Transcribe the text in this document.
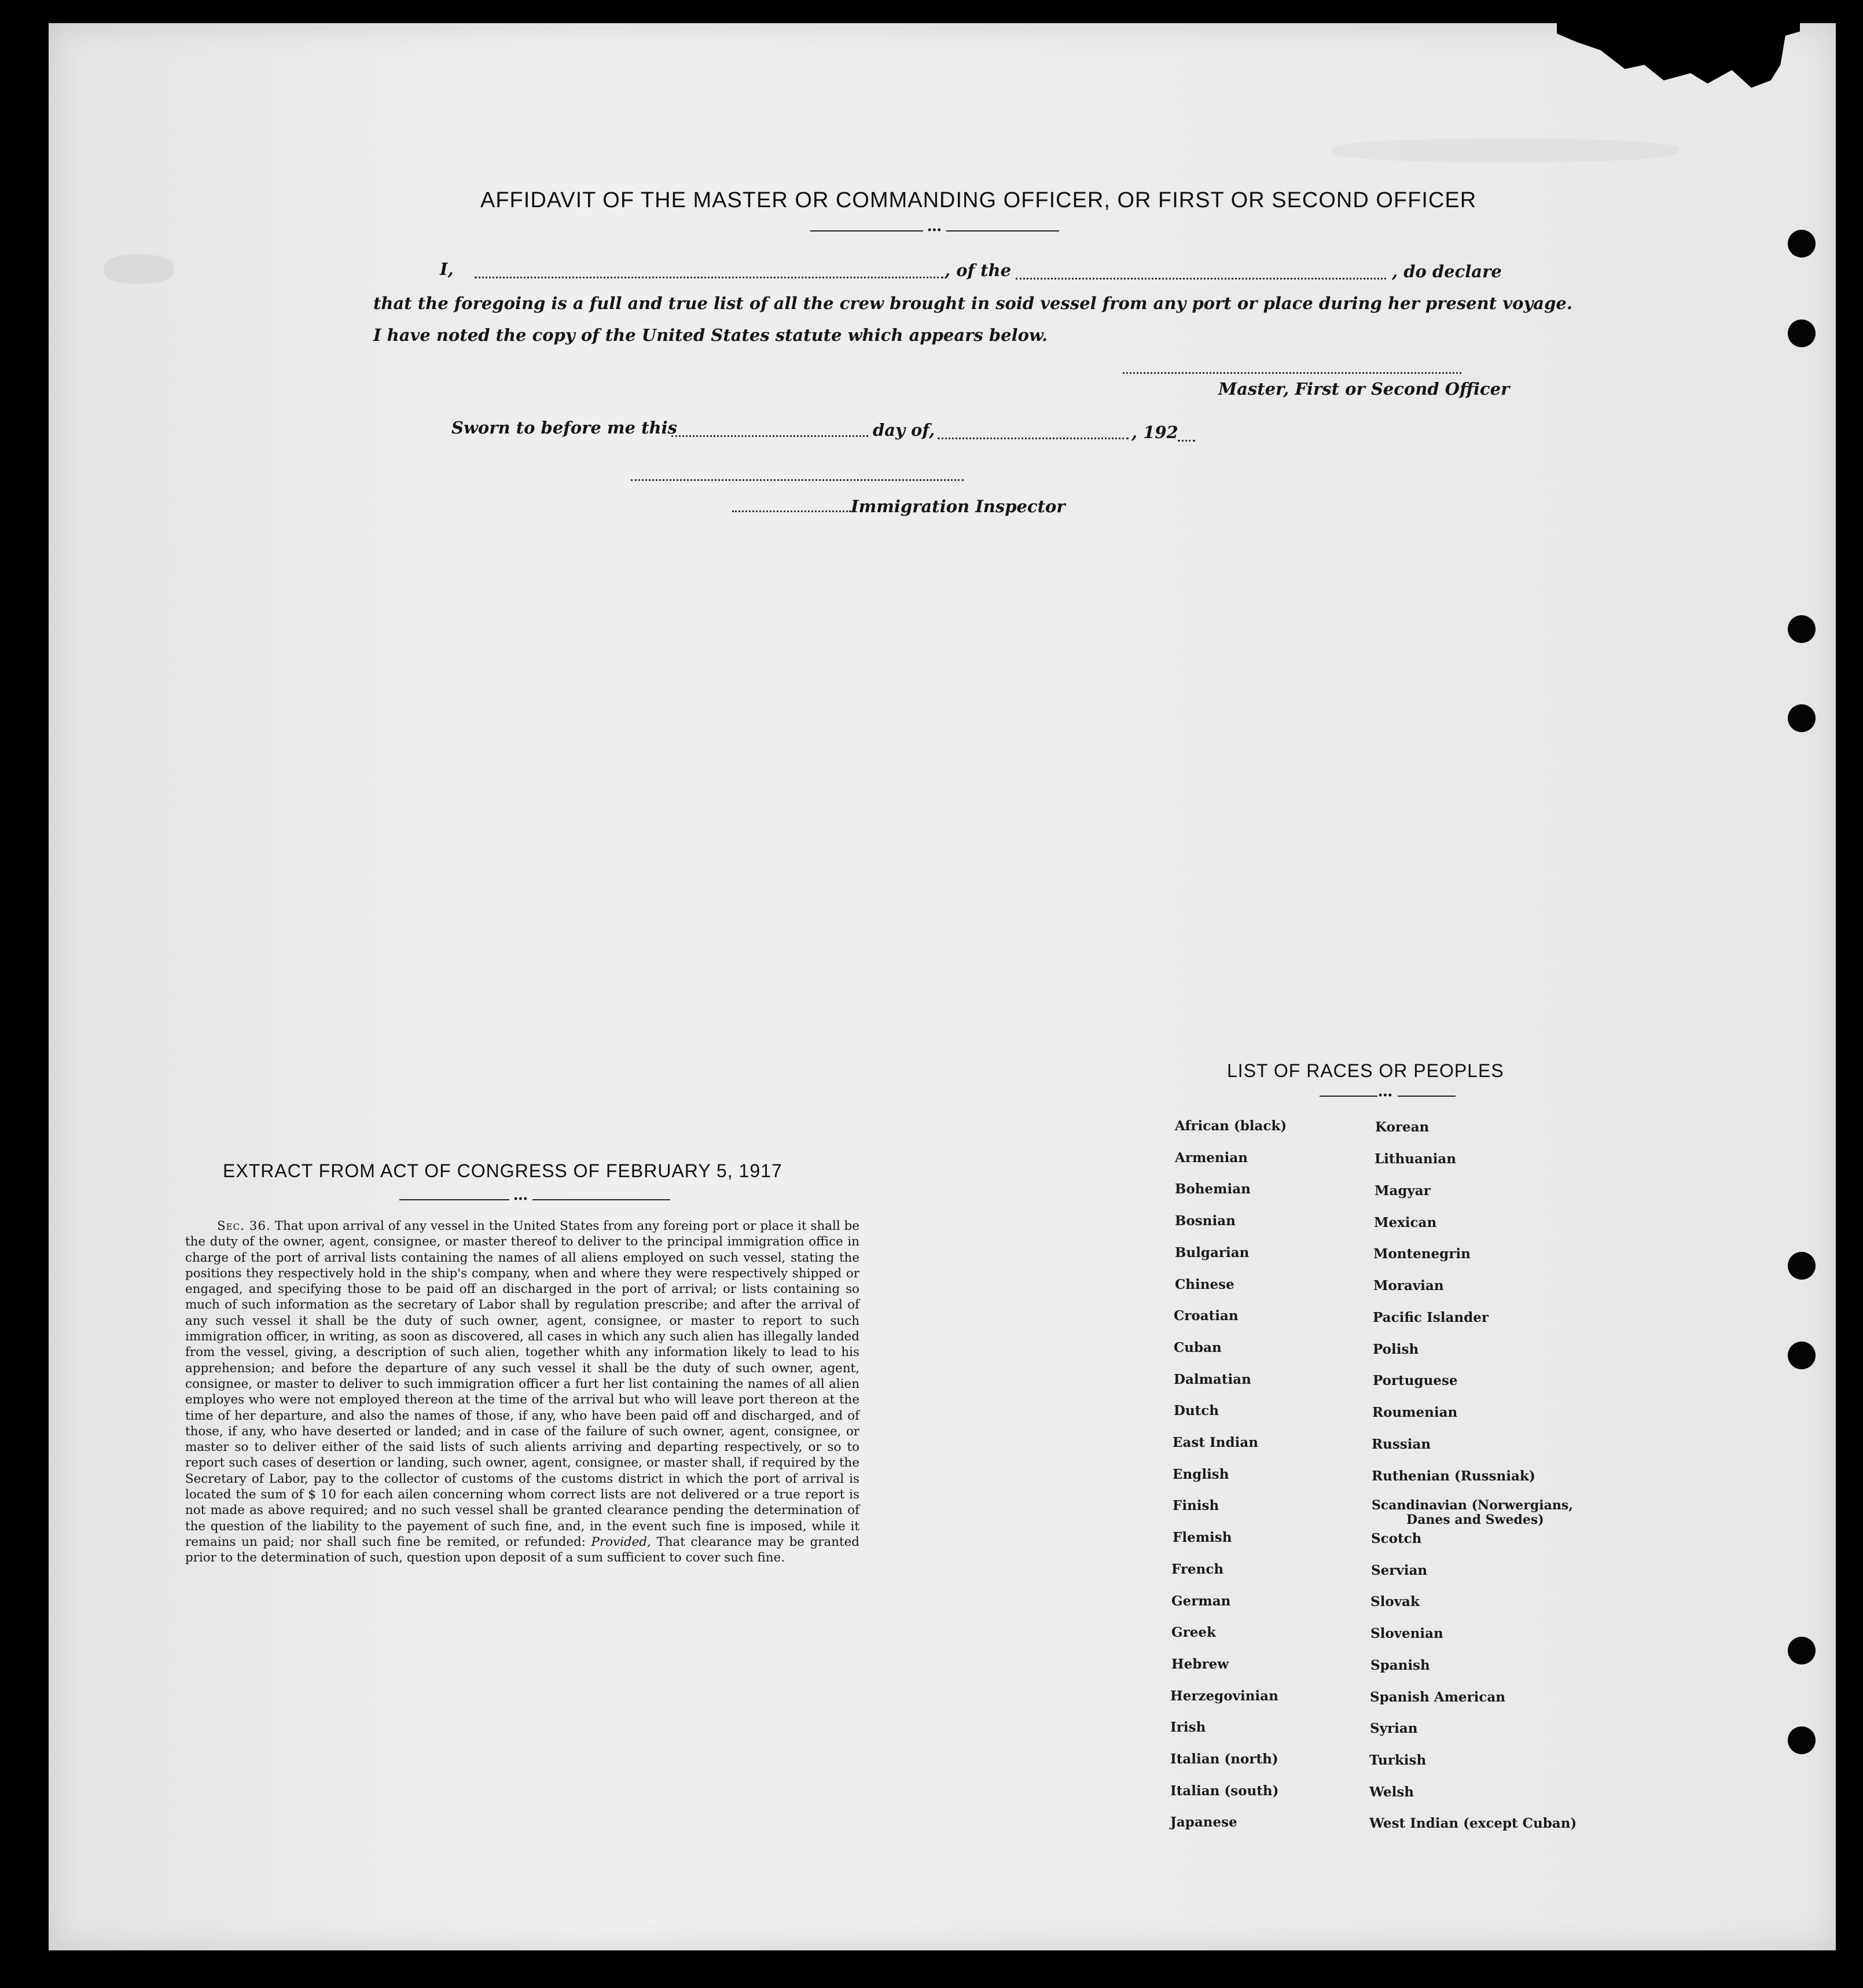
AFFIDAVIT OF THE MASTER OR COMMANDING OFFICER, OR FIRST OR SECOND OFFICER
•••
I,	, of the	, do declare
that the foregoing is a full and true list of all the crew brought in soid vessel from any port or place during her present voyage.
I have noted the copy of the United States statute which appears below.
Master, First or Second Officer
Sworn to before me this	day of,	, 192
Immigration Inspector
EXTRACT FROM ACT OF CONGRESS OF FEBRUARY 5, 1917
•••
Sec. 36. That upon arrival of any vessel in the United States from any foreing port or place it shall be the duty of the owner, agent, consignee, or master thereof to deliver to the principal immigration office in charge of the port of arrival lists containing the names of all aliens employed on such vessel, stating the positions they respectively hold in the ship's company, when and where they were respectively shipped or engaged, and specifying those to be paid off an discharged in the port of arrival; or lists containing so much of such information as the secretary of Labor shall by regulation prescribe; and after the arrival of any such vessel it shall be the duty of such owner, agent, consignee, or master to report to such immigration officer, in writing, as soon as discovered, all cases in which any such alien has illegally landed from the vessel, giving, a description of such alien, together whith any information likely to lead to his apprehension; and before the departure of any such vessel it shall be the duty of such owner, agent, consignee, or master to deliver to such immigration officer a furt her list containing the names of all alien employes who were not employed thereon at the time of the arrival but who will leave port thereon at the time of her departure, and also the names of those, if any, who have been paid off and discharged, and of those, if any, who have deserted or landed; and in case of the failure of such owner, agent, consignee, or master so to deliver either of the said lists of such alients arriving and departing respectively, or so to report such cases of desertion or landing, such owner, agent, consignee, or master shall, if required by the Secretary of Labor, pay to the collector of customs of the customs district in which the port of arrival is located the sum of $ 10 for each ailen concerning whom correct lists are not delivered or a true report is not made as above required; and no such vessel shall be granted clearance pending the determination of the question of the liability to the payement of such fine, and, in the event such fine is imposed, while it remains un paid; nor shall such fine be remited, or refunded: Provided, That clearance may be granted prior to the determination of such, question upon deposit of a sum sufficient to cover such fine.
LIST OF RACES OR PEOPLES
•••
African (black)
Armenian
Bohemian
Bosnian
Bulgarian
Chinese
Croatian
Cuban
Dalmatian
Dutch
East Indian
English
Finish
Flemish
French
German
Greek
Hebrew
Herzegovinian
Irish
Italian (north)
Italian (south)
Japanese
Korean
Lithuanian
Magyar
Mexican
Montenegrin
Moravian
Pacific Islander
Polish
Portuguese
Roumenian
Russian
Ruthenian (Russniak)
Scandinavian (Norwergians,
Danes and Swedes)
Scotch
Servian
Slovak
Slovenian
Spanish
Spanish American
Syrian
Turkish
Welsh
West Indian (except Cuban)
